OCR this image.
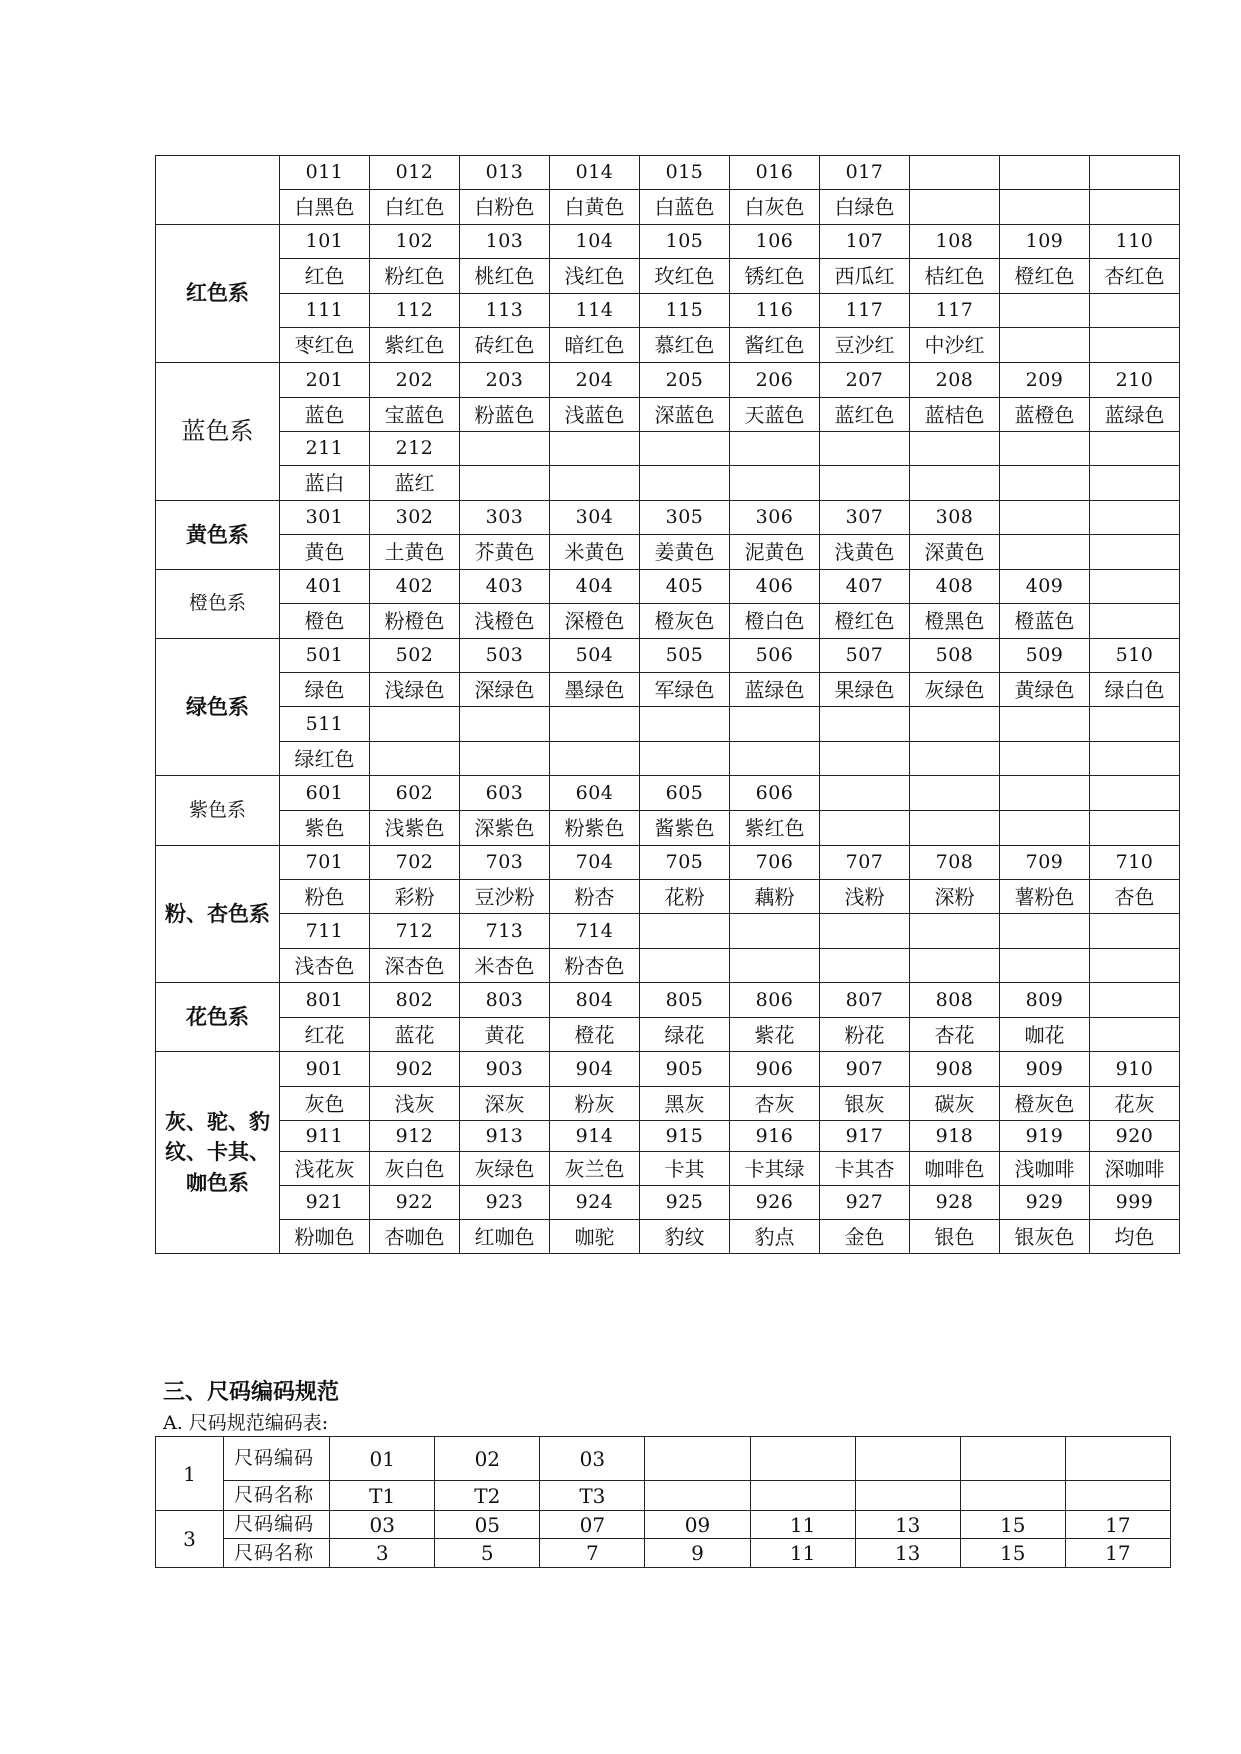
	011	012	013	014	015	016	017			
	白黑色	白红色	白粉色	白黄色	白蓝色	白灰色	白绿色			
红色系	101	102	103	104	105	106	107	108	109	110
	红色	粉红色	桃红色	浅红色	玫红色	锈红色	西瓜红	桔红色	橙红色	杏红色
	111	112	113	114	115	116	117	117		
	枣红色	紫红色	砖红色	暗红色	慕红色	酱红色	豆沙红	中沙红		
蓝色系	201	202	203	204	205	206	207	208	209	210
	蓝色	宝蓝色	粉蓝色	浅蓝色	深蓝色	天蓝色	蓝红色	蓝桔色	蓝橙色	蓝绿色
	211	212								
	蓝白	蓝红								
黄色系	301	302	303	304	305	306	307	308		
	黄色	土黄色	芥黄色	米黄色	姜黄色	泥黄色	浅黄色	深黄色		
橙色系	401	402	403	404	405	406	407	408	409	
	橙色	粉橙色	浅橙色	深橙色	橙灰色	橙白色	橙红色	橙黑色	橙蓝色	
绿色系	501	502	503	504	505	506	507	508	509	510
	绿色	浅绿色	深绿色	墨绿色	军绿色	蓝绿色	果绿色	灰绿色	黄绿色	绿白色
	511									
	绿红色									
紫色系	601	602	603	604	605	606				
	紫色	浅紫色	深紫色	粉紫色	酱紫色	紫红色				
粉、杏色系	701	702	703	704	705	706	707	708	709	710
	粉色	彩粉	豆沙粉	粉杏	花粉	藕粉	浅粉	深粉	薯粉色	杏色
	711	712	713	714						
	浅杏色	深杏色	米杏色	粉杏色						
花色系	801	802	803	804	805	806	807	808	809	
	红花	蓝花	黄花	橙花	绿花	紫花	粉花	杏花	咖花	
灰、驼、豹纹、卡其、咖色系	901	902	903	904	905	906	907	908	909	910
	灰色	浅灰	深灰	粉灰	黑灰	杏灰	银灰	碳灰	橙灰色	花灰
	911	912	913	914	915	916	917	918	919	920
	浅花灰	灰白色	灰绿色	灰兰色	卡其	卡其绿	卡其杏	咖啡色	浅咖啡	深咖啡
	921	922	923	924	925	926	927	928	929	999
	粉咖色	杏咖色	红咖色	咖驼	豹纹	豹点	金色	银色	银灰色	均色
三、尺码编码规范

A. 尺码规范编码表:

1	尺码编码	01	02	03					
	尺码名称	T1	T2	T3					
3	尺码编码	03	05	07	09	11	13	15	17
	尺码名称	3	5	7	9	11	13	15	17
